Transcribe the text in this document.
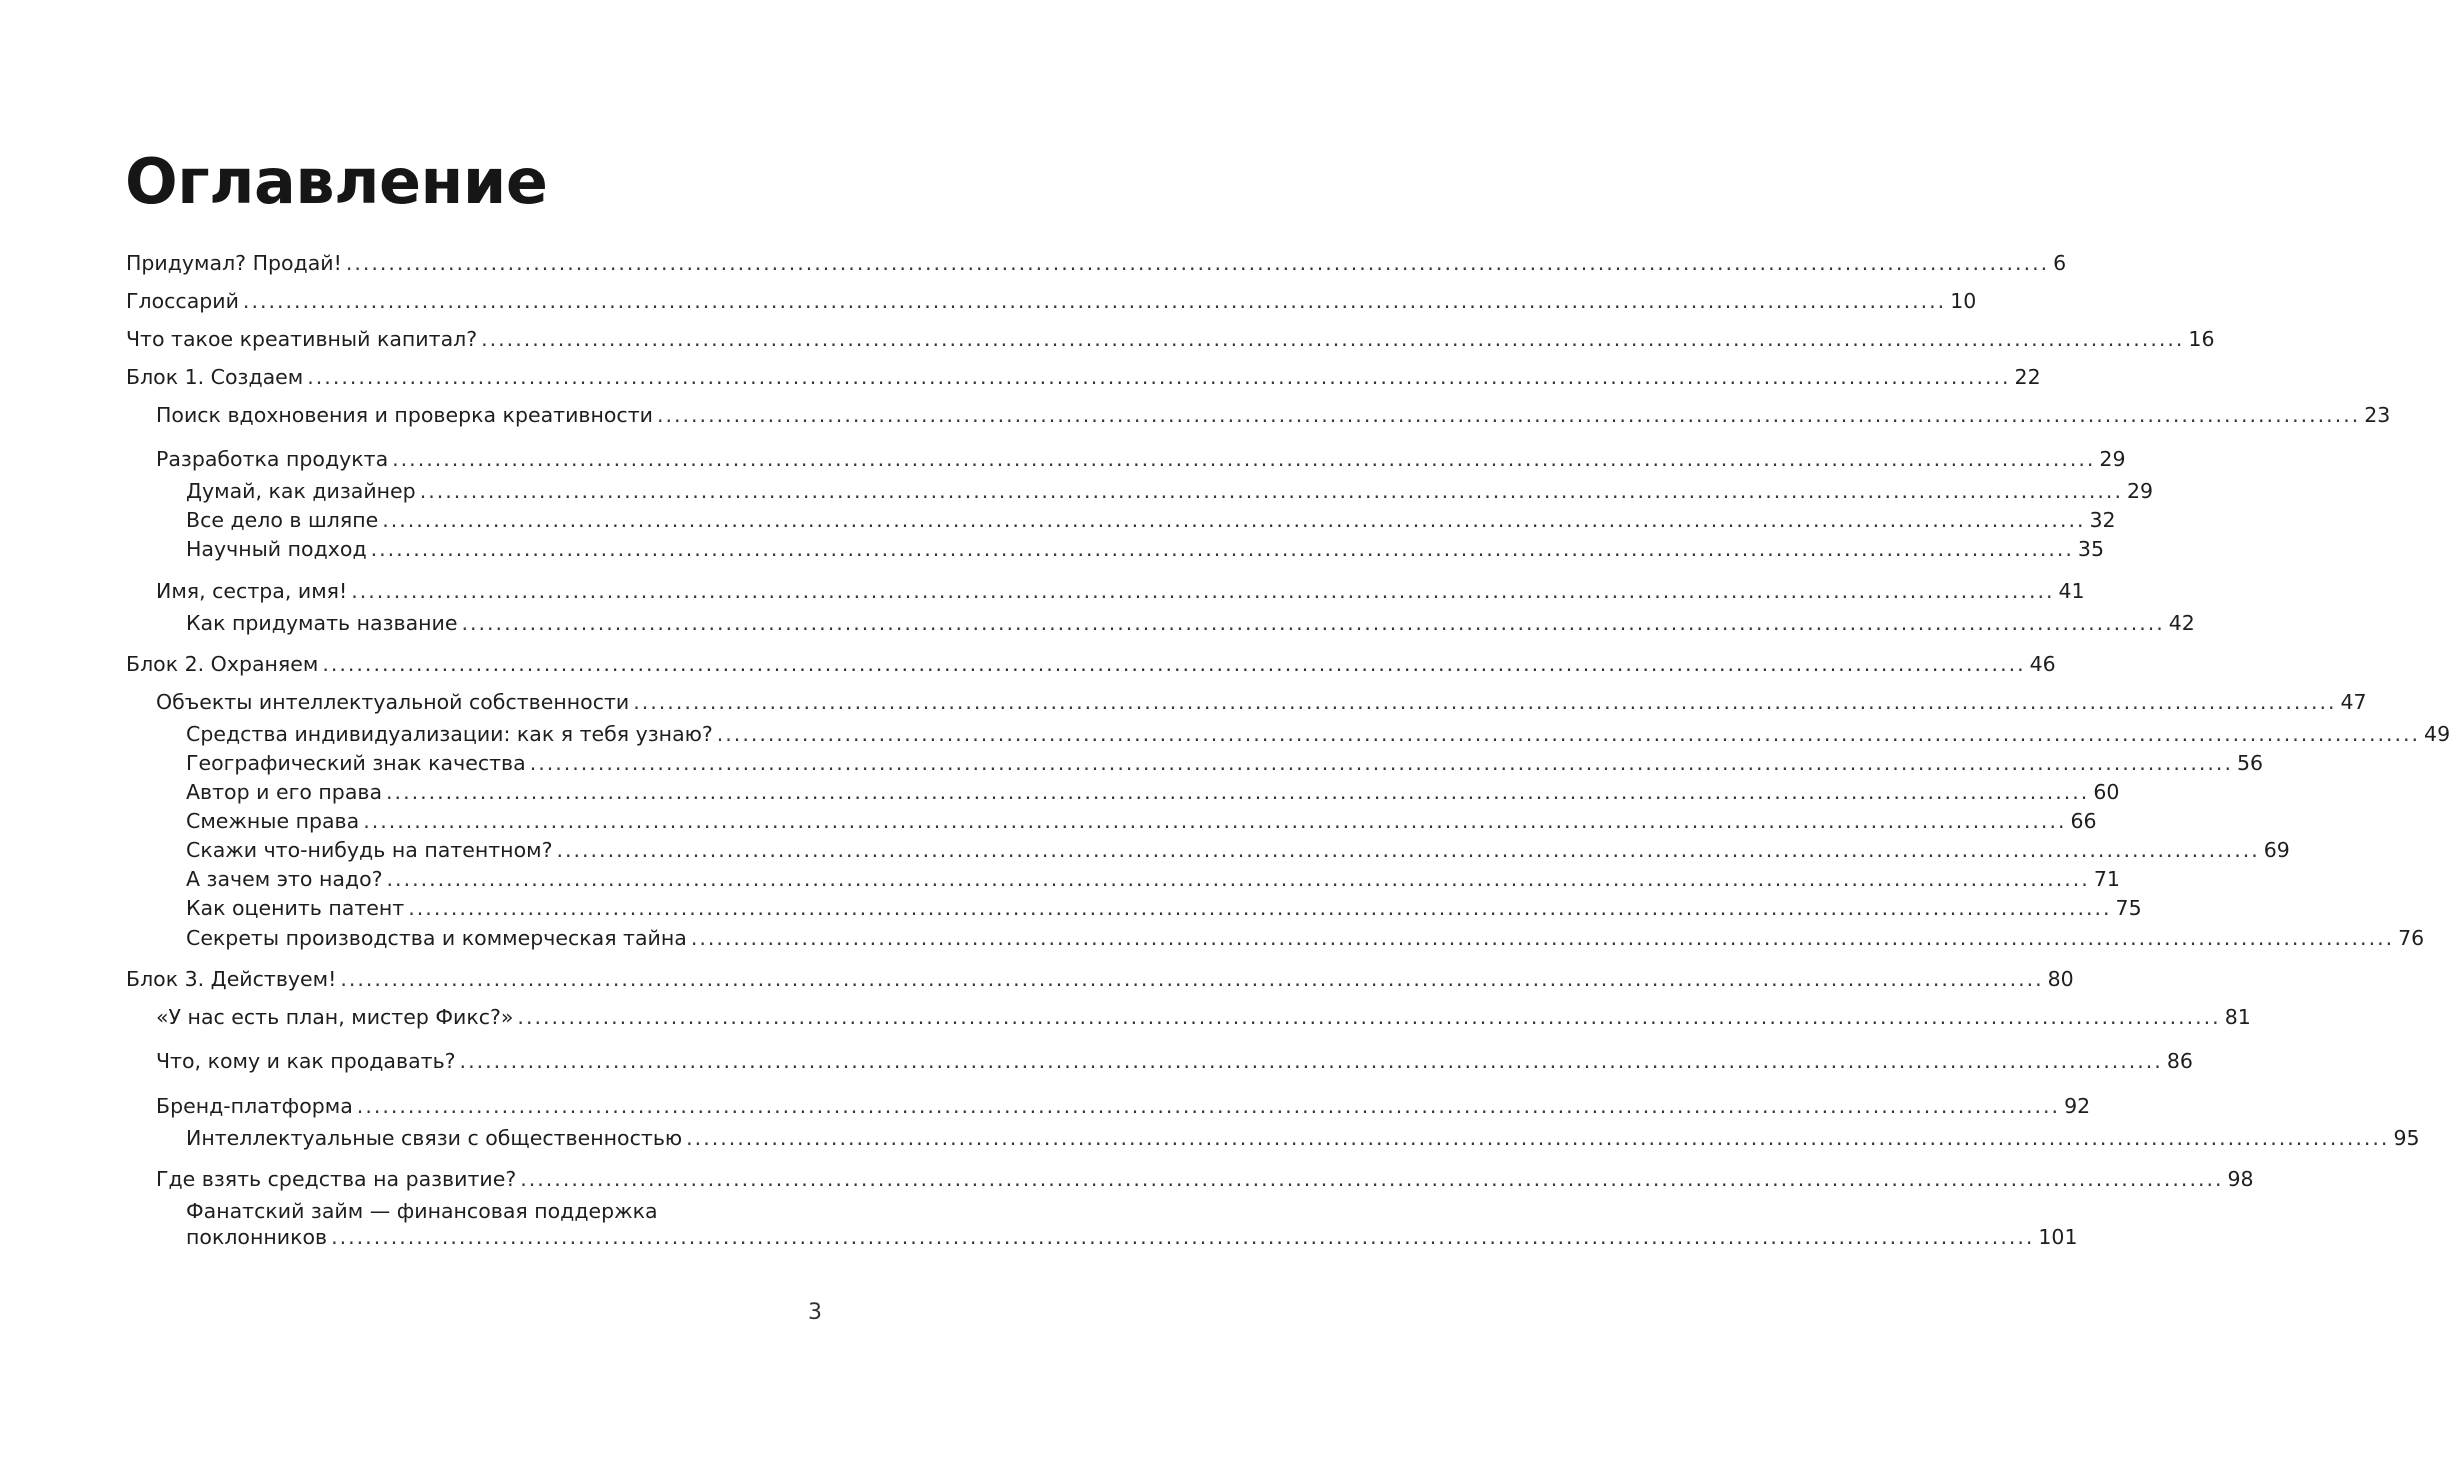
Оглавление
Придумал? Продай! ........................................................................................................................................................................................................ 6
Глоссарий ........................................................................................................................................................................................................ 10
Что такое креативный капитал? ........................................................................................................................................................................................................ 16
Блок 1. Создаем ........................................................................................................................................................................................................ 22
Поиск вдохновения и проверка креативности ........................................................................................................................................................................................................ 23
Разработка продукта ........................................................................................................................................................................................................ 29
Думай, как дизайнер ........................................................................................................................................................................................................ 29
Все дело в шляпе ........................................................................................................................................................................................................ 32
Научный подход ........................................................................................................................................................................................................ 35
Имя, сестра, имя! ........................................................................................................................................................................................................ 41
Как придумать название ........................................................................................................................................................................................................ 42
Блок 2. Охраняем ........................................................................................................................................................................................................ 46
Объекты интеллектуальной собственности ........................................................................................................................................................................................................ 47
Средства индивидуализации: как я тебя узнаю? ........................................................................................................................................................................................................ 49
Географический знак качества ........................................................................................................................................................................................................ 56
Автор и его права ........................................................................................................................................................................................................ 60
Смежные права ........................................................................................................................................................................................................ 66
Скажи что-нибудь на патентном? ........................................................................................................................................................................................................ 69
А зачем это надо? ........................................................................................................................................................................................................ 71
Как оценить патент ........................................................................................................................................................................................................ 75
Секреты производства и коммерческая тайна ........................................................................................................................................................................................................ 76
Блок 3. Действуем! ........................................................................................................................................................................................................ 80
«У нас есть план, мистер Фикс?» ........................................................................................................................................................................................................ 81
Что, кому и как продавать? ........................................................................................................................................................................................................ 86
Бренд-платформа ........................................................................................................................................................................................................ 92
Интеллектуальные связи с общественностью ........................................................................................................................................................................................................ 95
Где взять средства на развитие? ........................................................................................................................................................................................................ 98
Фанатский займ — финансовая поддержка
поклонников ........................................................................................................................................................................................................ 101
3
